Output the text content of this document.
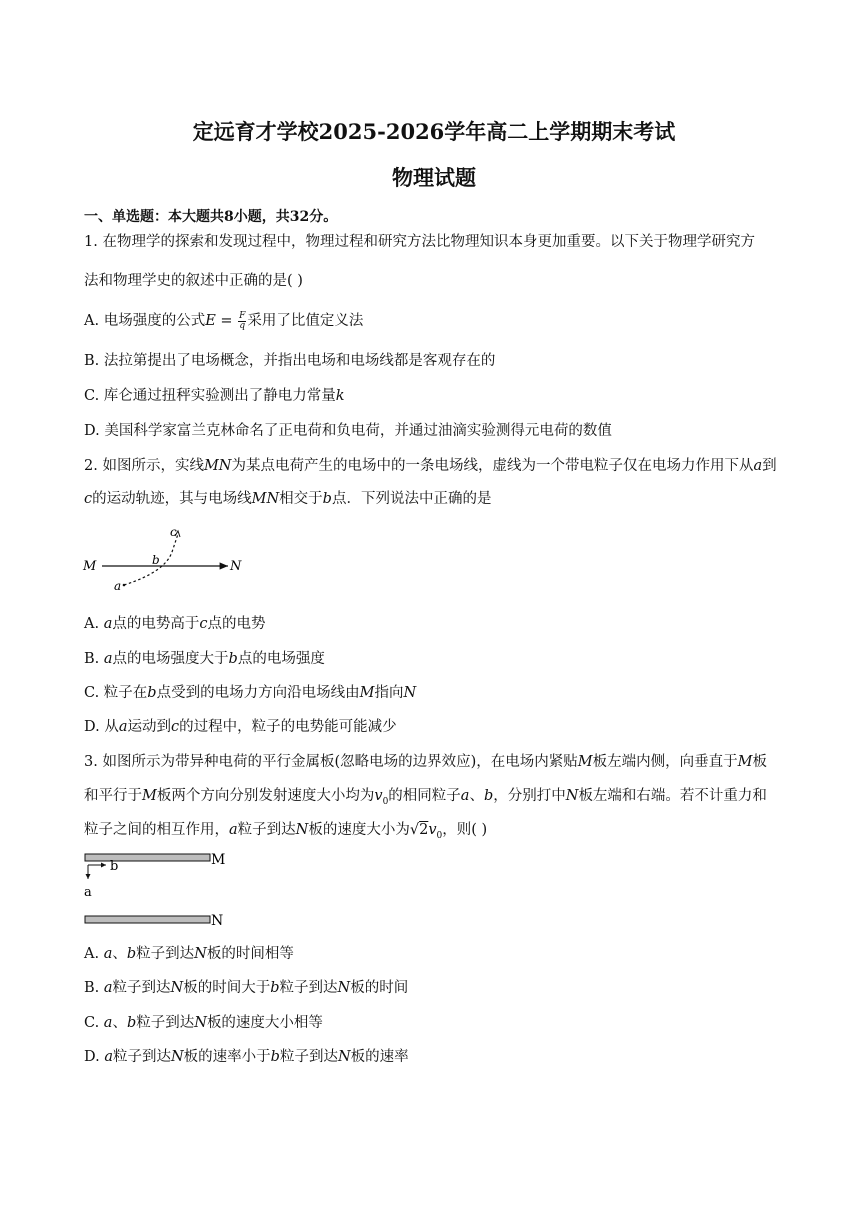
定远育才学校2025-2026学年高二上学期期末考试
物理试题
一、单选题：本大题共8小题，共32分。
1. 在物理学的探索和发现过程中，物理过程和研究方法比物理知识本身更加重要。以下关于物理学研究方
法和物理学史的叙述中正确的是( )
A. 电场强度的公式$E = \frac{F}{q}$ 采用了比值定义法
B. 法拉第提出了电场概念，并指出电场和电场线都是客观存在的
C. 库仑通过扭秤实验测出了静电力常量k
D. 美国科学家富兰克林命名了正电荷和负电荷，并通过油滴实验测得元电荷的数值
2. 如图所示，实线MN为某点电荷产生的电场中的一条电场线，虚线为一个带电粒子仅在电场力作用下从a到
c的运动轨迹，其与电场线MN相交于b点．下列说法中正确的是
M	N
a
b
c
A. a点的电势高于c点的电势
B. a点的电场强度大于b点的电场强度
C. 粒子在b点受到的电场力方向沿电场线由M指向N
D. 从a运动到c的过程中，粒子的电势能可能减少
3. 如图所示为带异种电荷的平行金属板(忽略电场的边界效应)，在电场内紧贴M板左端内侧，向垂直于M板
和平行于M板两个方向分别发射速度大小均为$v_0$的相同粒子a、b，分别打中N板左端和右端。若不计重力和
粒子之间的相互作用，a粒子到达N板的速度大小为$√2v_0$，则( )
M
N
b
a
A. a、b粒子到达N板的时间相等
B. a粒子到达N板的时间大于b粒子到达N板的时间
C. a、b粒子到达N板的速度大小相等
D. a粒子到达N板的速率小于b粒子到达N板的速率
